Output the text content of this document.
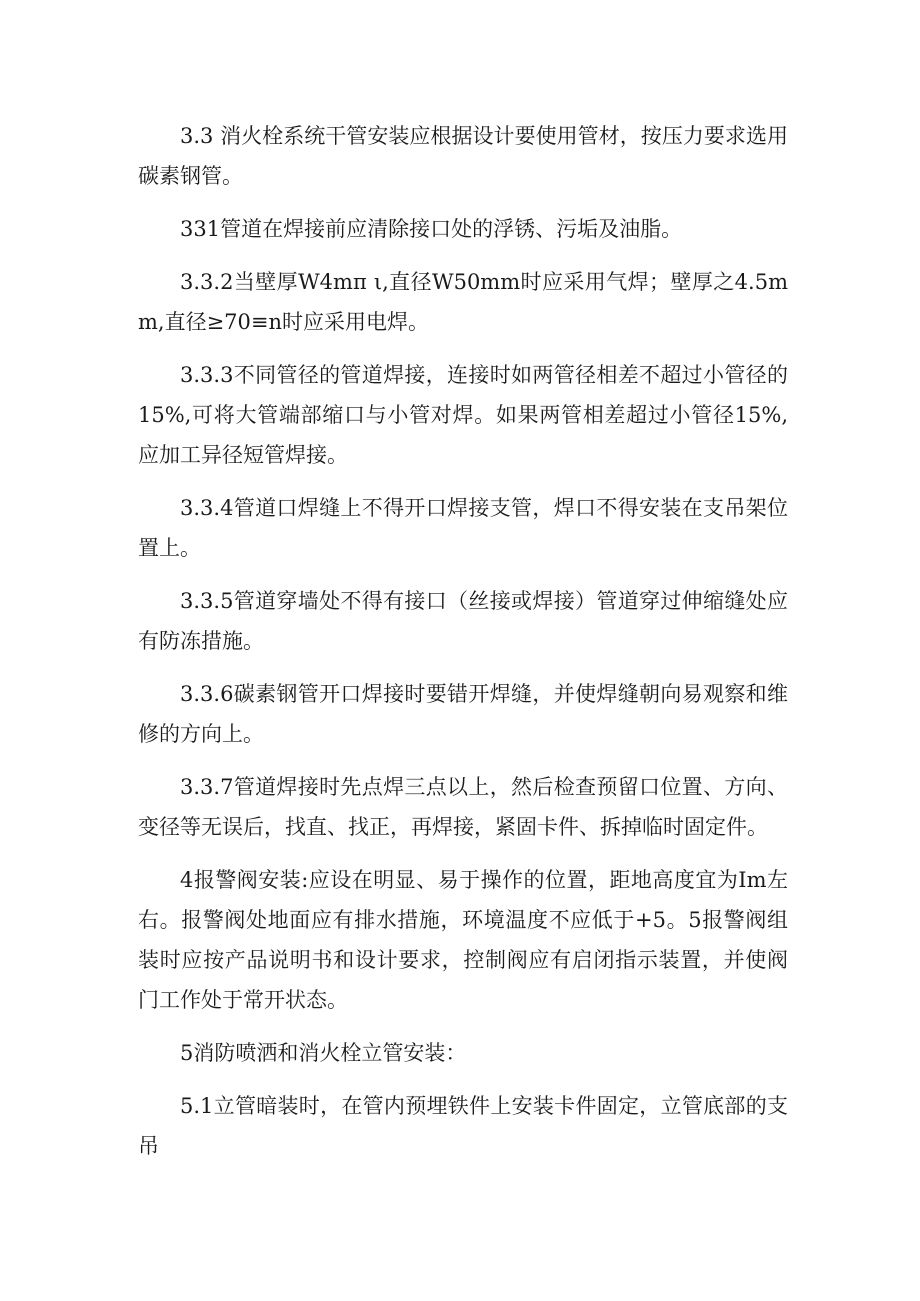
3.3 消火栓系统干管安装应根据设计要使用管材，按压力要求选用碳素钢管。

331管道在焊接前应清除接口处的浮锈、污垢及油脂。

3.3.2当壁厚W4mπ ι,直径W50mm时应采用气焊；壁厚之4.5mm,直径≥70≡n时应采用电焊。

3.3.3不同管径的管道焊接，连接时如两管径相差不超过小管径的15%,可将大管端部缩口与小管对焊。如果两管相差超过小管径15%,应加工异径短管焊接。

3.3.4管道口焊缝上不得开口焊接支管，焊口不得安装在支吊架位置上。

3.3.5管道穿墙处不得有接口（丝接或焊接）管道穿过伸缩缝处应有防冻措施。

3.3.6碳素钢管开口焊接时要错开焊缝，并使焊缝朝向易观察和维修的方向上。

3.3.7管道焊接时先点焊三点以上，然后检查预留口位置、方向、变径等无误后，找直、找正，再焊接，紧固卡件、拆掉临时固定件。

4报警阀安装:应设在明显、易于操作的位置，距地高度宜为Im左右。报警阀处地面应有排水措施，环境温度不应低于+5。5报警阀组装时应按产品说明书和设计要求，控制阀应有启闭指示装置，并使阀门工作处于常开状态。

5消防喷洒和消火栓立管安装：

5.1立管暗装时，在管内预埋铁件上安装卡件固定，立管底部的支吊
